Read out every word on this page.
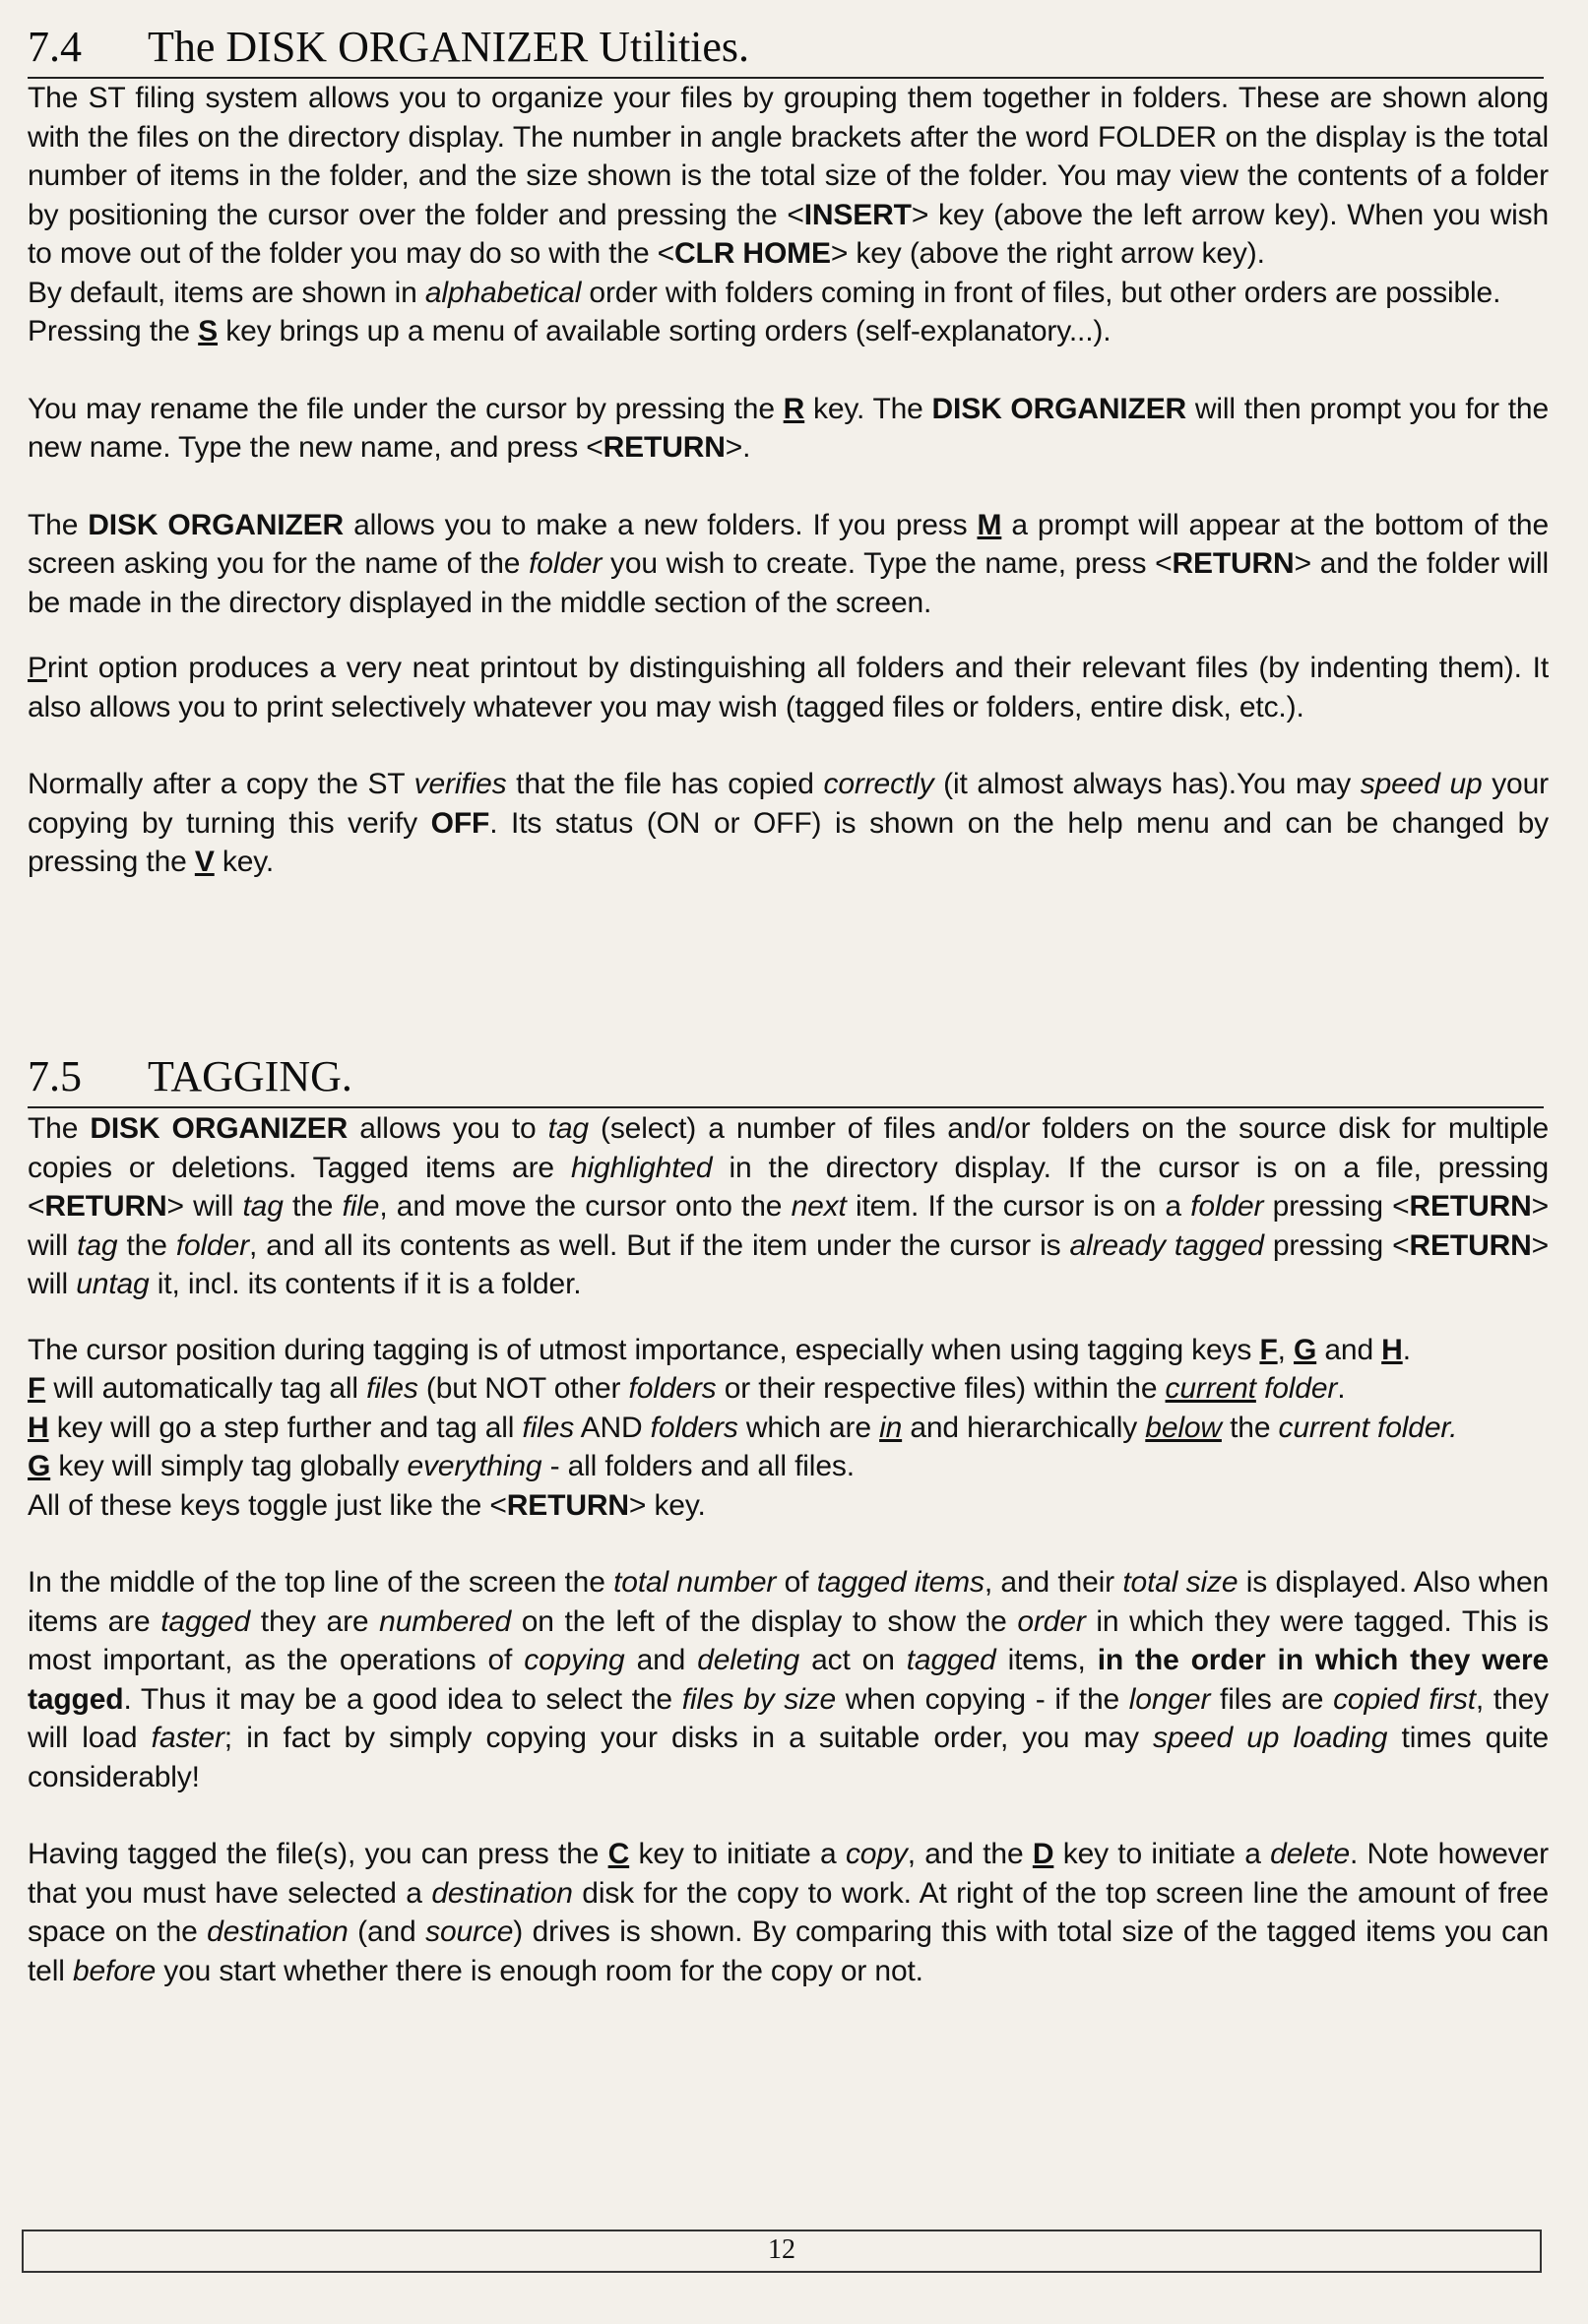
7.4 The DISK ORGANIZER Utilities.

The ST filing system allows you to organize your files by grouping them together in folders. These are shown along with the files on the directory display. The number in angle brackets after the word FOLDER on the display is the total number of items in the folder, and the size shown is the total size of the folder. You may view the contents of a folder by positioning the cursor over the folder and pressing the <INSERT> key (above the left arrow key). When you wish to move out of the folder you may do so with the <CLR HOME> key (above the right arrow key).

By default, items are shown in alphabetical order with folders coming in front of files, but other orders are possible.

Pressing the S key brings up a menu of available sorting orders (self-explanatory...).

You may rename the file under the cursor by pressing the R key. The DISK ORGANIZER will then prompt you for the new name. Type the new name, and press <RETURN>.

The DISK ORGANIZER allows you to make a new folders. If you press M a prompt will appear at the bottom of the screen asking you for the name of the folder you wish to create. Type the name, press <RETURN> and the folder will be made in the directory displayed in the middle section of the screen.

Print option produces a very neat printout by distinguishing all folders and their relevant files (by indenting them). It also allows you to print selectively whatever you may wish (tagged files or folders, entire disk, etc.).

Normally after a copy the ST verifies that the file has copied correctly (it almost always has).You may speed up your copying by turning this verify OFF. Its status (ON or OFF) is shown on the help menu and can be changed by pressing the V key.

7.5 TAGGING.

The DISK ORGANIZER allows you to tag (select) a number of files and/or folders on the source disk for multiple copies or deletions. Tagged items are highlighted in the directory display. If the cursor is on a file, pressing <RETURN> will tag the file, and move the cursor onto the next item. If the cursor is on a folder pressing <RETURN> will tag the folder, and all its contents as well. But if the item under the cursor is already tagged pressing <RETURN> will untag it, incl. its contents if it is a folder.

The cursor position during tagging is of utmost importance, especially when using tagging keys F, G and H.

F will automatically tag all files (but NOT other folders or their respective files) within the current folder.

H key will go a step further and tag all files AND folders which are in and hierarchically below the current folder.

G key will simply tag globally everything - all folders and all files.

All of these keys toggle just like the <RETURN> key.

In the middle of the top line of the screen the total number of tagged items, and their total size is displayed. Also when items are tagged they are numbered on the left of the display to show the order in which they were tagged. This is most important, as the operations of copying and deleting act on tagged items, in the order in which they were tagged. Thus it may be a good idea to select the files by size when copying - if the longer files are copied first, they will load faster; in fact by simply copying your disks in a suitable order, you may speed up loading times quite considerably!

Having tagged the file(s), you can press the C key to initiate a copy, and the D key to initiate a delete. Note however that you must have selected a destination disk for the copy to work. At right of the top screen line the amount of free space on the destination (and source) drives is shown. By comparing this with total size of the tagged items you can tell before you start whether there is enough room for the copy or not.

12
